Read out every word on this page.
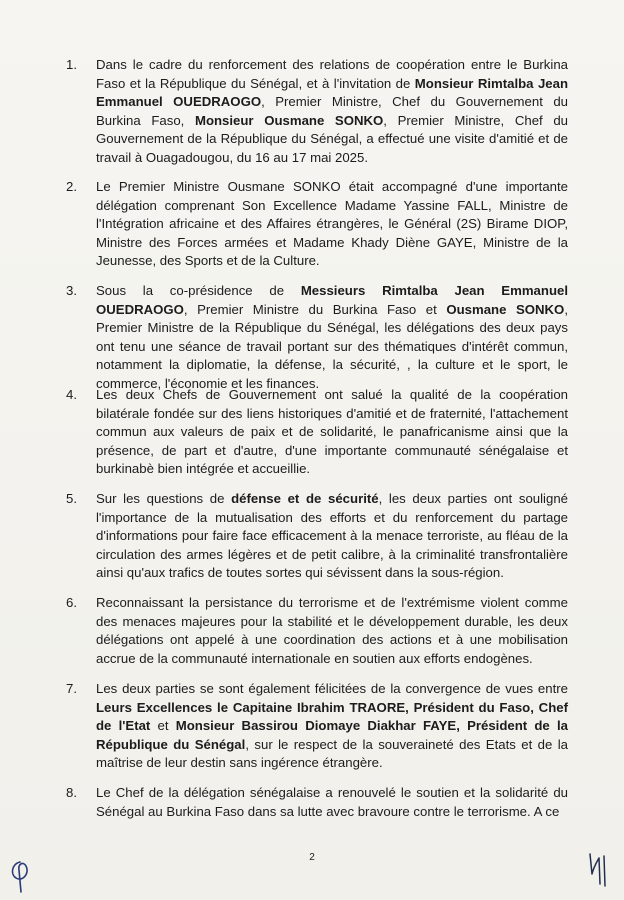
1. Dans le cadre du renforcement des relations de coopération entre le Burkina Faso et la République du Sénégal, et à l'invitation de Monsieur Rimtalba Jean Emmanuel OUEDRAOGO, Premier Ministre, Chef du Gouvernement du Burkina Faso, Monsieur Ousmane SONKO, Premier Ministre, Chef du Gouvernement de la République du Sénégal, a effectué une visite d'amitié et de travail à Ouagadougou, du 16 au 17 mai 2025.
2. Le Premier Ministre Ousmane SONKO était accompagné d'une importante délégation comprenant Son Excellence Madame Yassine FALL, Ministre de l'Intégration africaine et des Affaires étrangères, le Général (2S) Birame DIOP, Ministre des Forces armées et Madame Khady Diène GAYE, Ministre de la Jeunesse, des Sports et de la Culture.
3. Sous la co-présidence de Messieurs Rimtalba Jean Emmanuel OUEDRAOGO, Premier Ministre du Burkina Faso et Ousmane SONKO, Premier Ministre de la République du Sénégal, les délégations des deux pays ont tenu une séance de travail portant sur des thématiques d'intérêt commun, notamment la diplomatie, la défense, la sécurité, , la culture et le sport, le commerce, l'économie et les finances.
4. Les deux Chefs de Gouvernement ont salué la qualité de la coopération bilatérale fondée sur des liens historiques d'amitié et de fraternité, l'attachement commun aux valeurs de paix et de solidarité, le panafricanisme ainsi que la présence, de part et d'autre, d'une importante communauté sénégalaise et burkinabè bien intégrée et accueillie.
5. Sur les questions de défense et de sécurité, les deux parties ont souligné l'importance de la mutualisation des efforts et du renforcement du partage d'informations pour faire face efficacement à la menace terroriste, au fléau de la circulation des armes légères et de petit calibre, à la criminalité transfrontalière ainsi qu'aux trafics de toutes sortes qui sévissent dans la sous-région.
6. Reconnaissant la persistance du terrorisme et de l'extrémisme violent comme des menaces majeures pour la stabilité et le développement durable, les deux délégations ont appelé à une coordination des actions et à une mobilisation accrue de la communauté internationale en soutien aux efforts endogènes.
7. Les deux parties se sont également félicitées de la convergence de vues entre Leurs Excellences le Capitaine Ibrahim TRAORE, Président du Faso, Chef de l'Etat et Monsieur Bassirou Diomaye Diakhar FAYE, Président de la République du Sénégal, sur le respect de la souveraineté des Etats et de la maîtrise de leur destin sans ingérence étrangère.
8. Le Chef de la délégation sénégalaise a renouvelé le soutien et la solidarité du Sénégal au Burkina Faso dans sa lutte avec bravoure contre le terrorisme. A ce
2
